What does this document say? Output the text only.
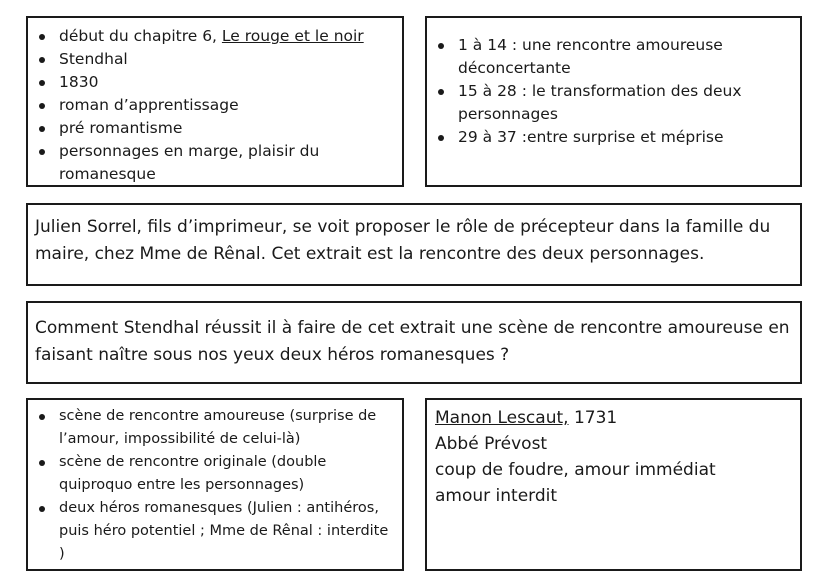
début du chapitre 6, Le rouge et le noir
Stendhal
1830
roman d’apprentissage
pré romantisme
personnages en marge, plaisir du romanesque
1 à 14 : une rencontre amoureuse déconcertante
15 à 28 : le transformation des deux personnages
29 à 37 :entre surprise et méprise
Julien Sorrel, fils d’imprimeur, se voit proposer le rôle de précepteur dans la famille du maire, chez Mme de Rênal. Cet extrait est la rencontre des deux personnages.
Comment Stendhal réussit il à faire de cet extrait une scène de rencontre amoureuse en faisant naître sous nos yeux deux héros romanesques ?
scène de rencontre amoureuse (surprise de l’amour, impossibilité de celui-là)
scène de rencontre originale (double quiproquo entre les personnages)
deux héros romanesques (Julien : antihéros, puis héro potentiel ; Mme de Rênal : interdite )
Manon Lescaut, 1731
Abbé Prévost
coup de foudre, amour immédiat
amour interdit
